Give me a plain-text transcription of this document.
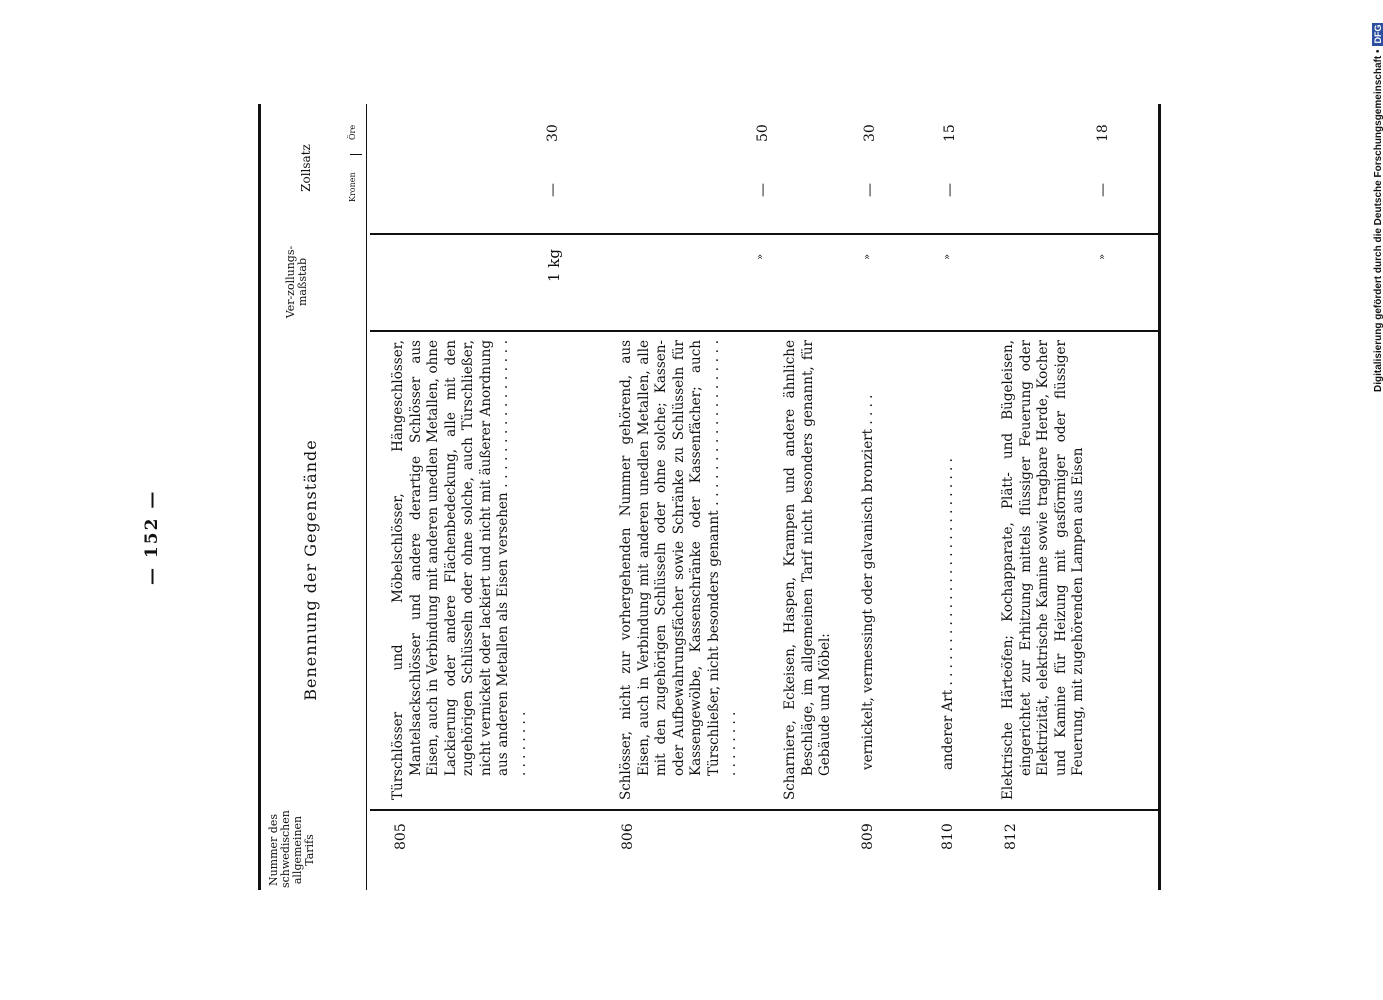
— 152 —
Nummer des schwedischen allgemeinen Tarifs
Benennung der Gegenstände
Ver-zollungs-maßstab
Zollsatz	Kronen
Öre
805
Türschlösser und Möbelschlösser, Hängeschlösser, Mantelsackschlösser und andere derartige Schlösser aus Eisen, auch in Verbindung mit anderen unedlen Metallen, ohne Lackierung oder andere Flächenbedeckung, alle mit den zugehörigen Schlüsseln oder ohne solche, auch Türschließer, nicht vernickelt oder lackiert und nicht mit äußerer Anordnung aus anderen Metallen als Eisen versehen . . . . . . . . . . . . . . . . . . . . . . . . .
1 kg
—
30
806
Schlösser, nicht zur vorhergehenden Nummer gehörend, aus Eisen, auch in Verbindung mit anderen unedlen Metallen, alle mit den zugehörigen Schlüsseln oder ohne solche; Kassen- oder Aufbewahrungsfächer sowie Schränke zu Schlüsseln für Kassengewölbe, Kassenschränke oder Kassenfächer; auch Türschließer, nicht besonders genannt . . . . . . . . . . . . . . . . . . . . . . . . . . .
»
—
50
Scharniere, Eckeisen, Haspen, Krampen und andere ähnliche Beschläge, im allgemeinen Tarif nicht besonders genannt, für Gebäude und Möbel:
809
vernickelt, vermessingt oder galvanisch bronziert . . . .
»
—
30
810
anderer Art . . . . . . . . . . . . . . . . . . . . . . . . . . .
»
—
15
812
Elektrische Härteöfen; Kochapparate, Plätt- und Bügeleisen, eingerichtet zur Erhitzung mittels flüssiger Feuerung oder Elektrizität, elektrische Kamine sowie tragbare Herde, Kocher und Kamine für Heizung mit gasförmiger oder flüssiger Feuerung, mit zugehörenden Lampen aus Eisen
»
—
18	Digitalisierung gefördert durch die Deutsche Forschungsgemeinschaft •
DFG
